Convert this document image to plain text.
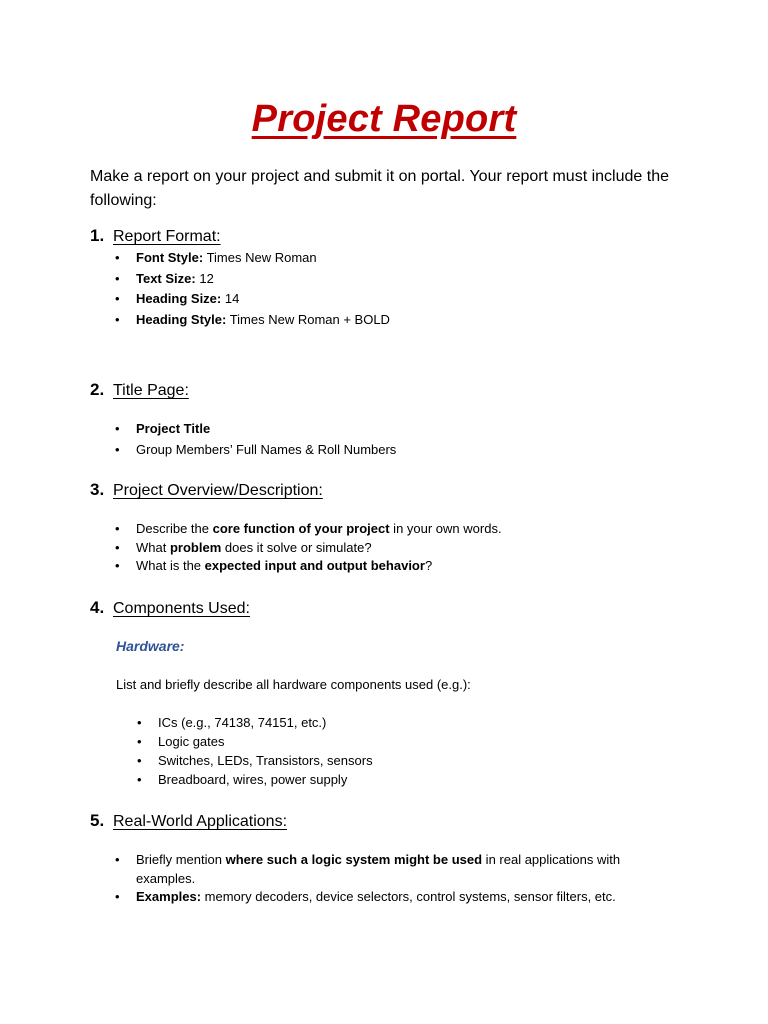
Project Report
Make a report on your project and submit it on portal. Your report must include the following:
1. Report Format:
• Font Style: Times New Roman
• Text Size: 12
• Heading Size: 14
• Heading Style: Times New Roman + BOLD
2. Title Page:
• Project Title
• Group Members’ Full Names & Roll Numbers
3. Project Overview/Description:
• Describe the core function of your project in your own words.
• What problem does it solve or simulate?
• What is the expected input and output behavior?
4. Components Used:
Hardware:
List and briefly describe all hardware components used (e.g.):
• ICs (e.g., 74138, 74151, etc.)
• Logic gates
• Switches, LEDs, Transistors, sensors
• Breadboard, wires, power supply
5. Real-World Applications:
• Briefly mention where such a logic system might be used in real applications with examples.
• Examples: memory decoders, device selectors, control systems, sensor filters, etc.
